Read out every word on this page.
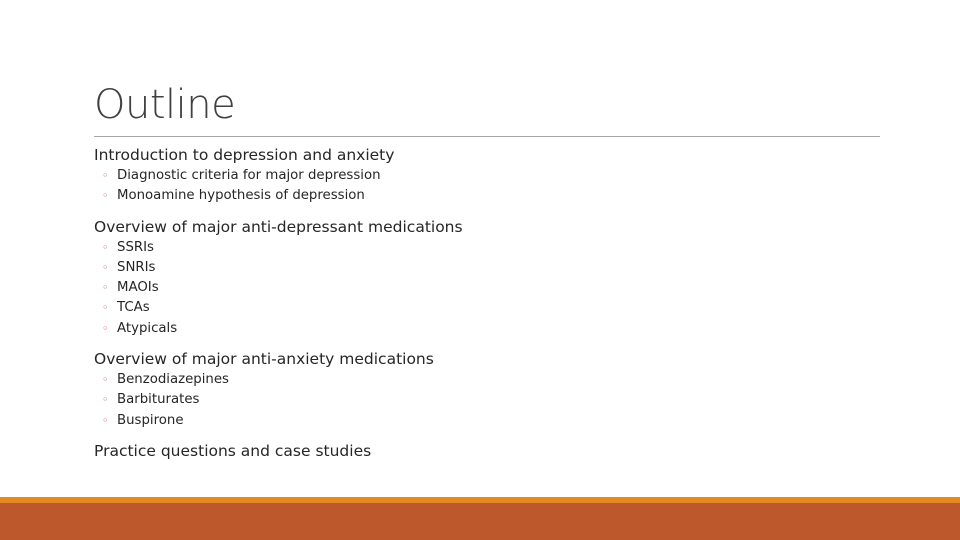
Outline
Introduction to depression and anxiety
◦ Diagnostic criteria for major depression
◦ Monoamine hypothesis of depression
Overview of major anti-depressant medications
◦ SSRIs
◦ SNRIs
◦ MAOIs
◦ TCAs
◦ Atypicals
Overview of major anti-anxiety medications
◦ Benzodiazepines
◦ Barbiturates
◦ Buspirone
Practice questions and case studies
